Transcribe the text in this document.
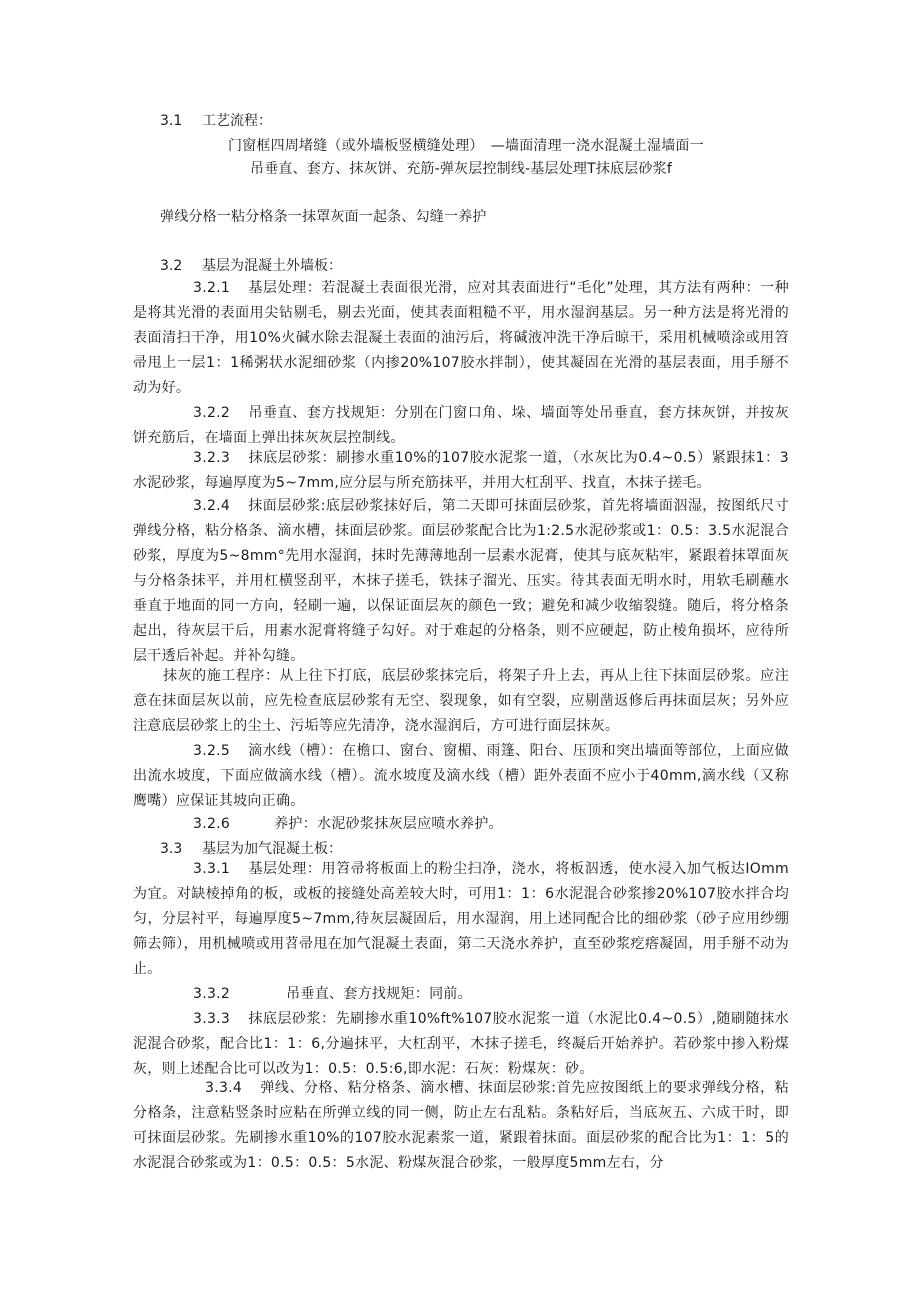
3.1 工艺流程：
门窗框四周堵缝（或外墙板竖横缝处理）　—墙面清理一浇水混凝土湿墙面一
吊垂直、套方、抹灰饼、充筋-弹灰层控制线-基层处理T抹底层砂浆f
弹线分格一粘分格条一抹罩灰面一起条、勾缝一养护
3.2 基层为混凝土外墙板：
3.2.1 基层处理：若混凝土表面很光滑，应对其表面进行“毛化”处理，其方法有两种：一种是将其光滑的表面用尖钻剔毛，剔去光面，使其表面粗糙不平，用水湿润基层。另一种方法是将光滑的表面清扫干净，用10%火碱水除去混凝土表面的油污后，将碱液冲洗干净后晾干，采用机械喷涂或用笤帚甩上一层1：1稀粥状水泥细砂浆（内掺20%107胶水拌制），使其凝固在光滑的基层表面，用手掰不动为好。
3.2.2 吊垂直、套方找规矩：分别在门窗口角、垛、墙面等处吊垂直，套方抹灰饼，并按灰饼充筋后，在墙面上弹出抹灰灰层控制线。
3.2.3 抹底层砂浆：刷掺水重10%的107胶水泥浆一道，（水灰比为0.4~0.5）紧跟抹1：3水泥砂浆，每遍厚度为5~7mm,应分层与所充筋抹平，并用大杠刮平、找直，木抹子搓毛。
3.2.4 抹面层砂浆:底层砂浆抹好后，第二天即可抹面层砂浆，首先将墙面泅湿，按图纸尺寸弹线分格，粘分格条、滴水槽，抹面层砂浆。面层砂浆配合比为1:2.5水泥砂浆或1：0.5：3.5水泥混合砂浆，厚度为5~8mm°先用水湿润，抹时先薄薄地刮一层素水泥膏，使其与底灰粘牢，紧跟着抹罩面灰与分格条抹平，并用杠横竖刮平，木抹子搓毛，铁抹子溜光、压实。待其表面无明水时，用软毛刷蘸水垂直于地面的同一方向，轻刷一遍，以保证面层灰的颜色一致；避免和减少收缩裂缝。随后，将分格条起出，待灰层干后，用素水泥膏将缝子勾好。对于难起的分格条，则不应硬起，防止棱角损坏，应待所层干透后补起。并补勾缝。
抹灰的施工程序：从上往下打底，底层砂浆抹完后，将架子升上去，再从上往下抹面层砂浆。应注意在抹面层灰以前，应先检查底层砂浆有无空、裂现象，如有空裂，应剔凿返修后再抹面层灰；另外应注意底层砂浆上的尘土、污垢等应先清净，浇水湿润后，方可进行面层抹灰。
3.2.5 滴水线（槽）：在檐口、窗台、窗楣、雨篷、阳台、压顶和突出墙面等部位，上面应做出流水坡度，下面应做滴水线（槽）。流水坡度及滴水线（槽）距外表面不应小于40mm,滴水线（又称鹰嘴）应保证其坡向正确。
3.2.6	养护：水泥砂浆抹灰层应喷水养护。
3.3 基层为加气混凝土板：
3.3.1 基层处理：用笤帚将板面上的粉尘扫净，浇水，将板泅透，使水浸入加气板达IOmm为宜。对缺棱掉角的板，或板的接缝处高差较大时，可用1：1：6水泥混合砂浆掺20%107胶水拌合均匀，分层衬平，每遍厚度5~7mm,待灰层凝固后，用水湿润，用上述同配合比的细砂浆（砂子应用纱绷筛去筛），用机械喷或用苕帚甩在加气混凝土表面，第二天浇水养护，直至砂浆疙瘩凝固，用手掰不动为止。
3.3.2	吊垂直、套方找规矩：同前。
3.3.3 抹底层砂浆：先刷掺水重10%ft%107胶水泥浆一道（水泥比0.4~0.5）,随刷随抹水泥混合砂浆，配合比1：1：6,分遍抹平，大杠刮平，木抹子搓毛，终凝后开始养护。若砂浆中掺入粉煤灰，则上述配合比可以改为1：0.5：0.5:6,即水泥：石灰：粉煤灰：砂。
3.3.4 弹线、分格、粘分格条、滴水槽、抹面层砂浆:首先应按图纸上的要求弹线分格，粘分格条，注意粘竖条时应粘在所弹立线的同一侧，防止左右乱粘。条粘好后，当底灰五、六成干时，即可抹面层砂浆。先刷掺水重10%的107胶水泥素浆一道，紧跟着抹面。面层砂浆的配合比为1：1：5的水泥混合砂浆或为1：0.5：0.5：5水泥、粉煤灰混合砂浆，一般厚度5mm左右，分
